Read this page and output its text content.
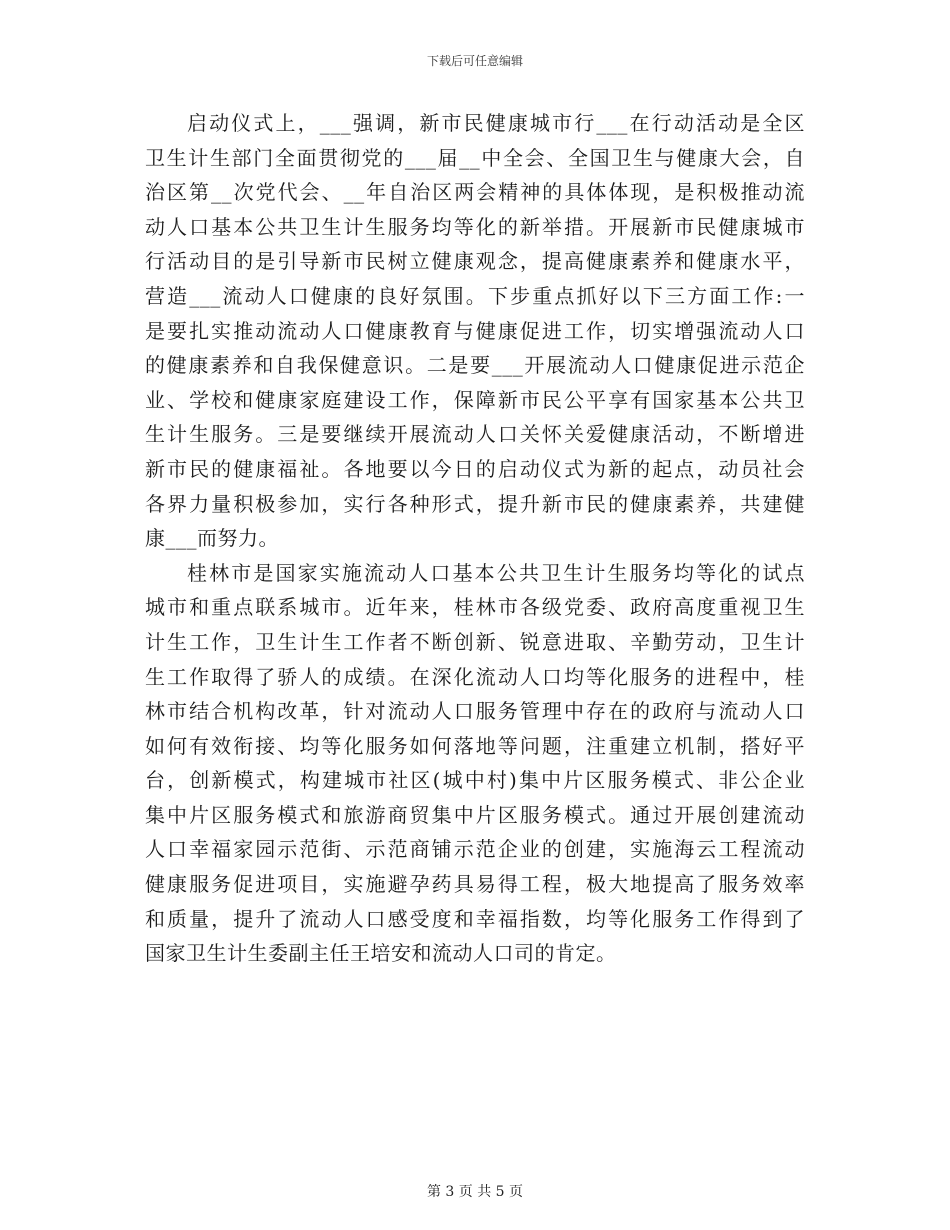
下载后可任意编辑
启动仪式上，___强调，新市民健康城市行___在行动活动是全区
卫生计生部门全面贯彻党的___届__中全会、全国卫生与健康大会，自
治区第__次党代会、__年自治区两会精神的具体体现，是积极推动流
动人口基本公共卫生计生服务均等化的新举措。开展新市民健康城市
行活动目的是引导新市民树立健康观念，提高健康素养和健康水平，
营造___流动人口健康的良好氛围。下步重点抓好以下三方面工作:一
是要扎实推动流动人口健康教育与健康促进工作，切实增强流动人口
的健康素养和自我保健意识。二是要___开展流动人口健康促进示范企
业、学校和健康家庭建设工作，保障新市民公平享有国家基本公共卫
生计生服务。三是要继续开展流动人口关怀关爱健康活动，不断增进
新市民的健康福祉。各地要以今日的启动仪式为新的起点，动员社会
各界力量积极参加，实行各种形式，提升新市民的健康素养，共建健
康___而努力。
桂林市是国家实施流动人口基本公共卫生计生服务均等化的试点
城市和重点联系城市。近年来，桂林市各级党委、政府高度重视卫生
计生工作，卫生计生工作者不断创新、锐意进取、辛勤劳动，卫生计
生工作取得了骄人的成绩。在深化流动人口均等化服务的进程中，桂
林市结合机构改革，针对流动人口服务管理中存在的政府与流动人口
如何有效衔接、均等化服务如何落地等问题，注重建立机制，搭好平
台，创新模式，构建城市社区(城中村)集中片区服务模式、非公企业
集中片区服务模式和旅游商贸集中片区服务模式。通过开展创建流动
人口幸福家园示范街、示范商铺示范企业的创建，实施海云工程流动
健康服务促进项目，实施避孕药具易得工程，极大地提高了服务效率
和质量，提升了流动人口感受度和幸福指数，均等化服务工作得到了
国家卫生计生委副主任王培安和流动人口司的肯定。
第 3 页 共 5 页
